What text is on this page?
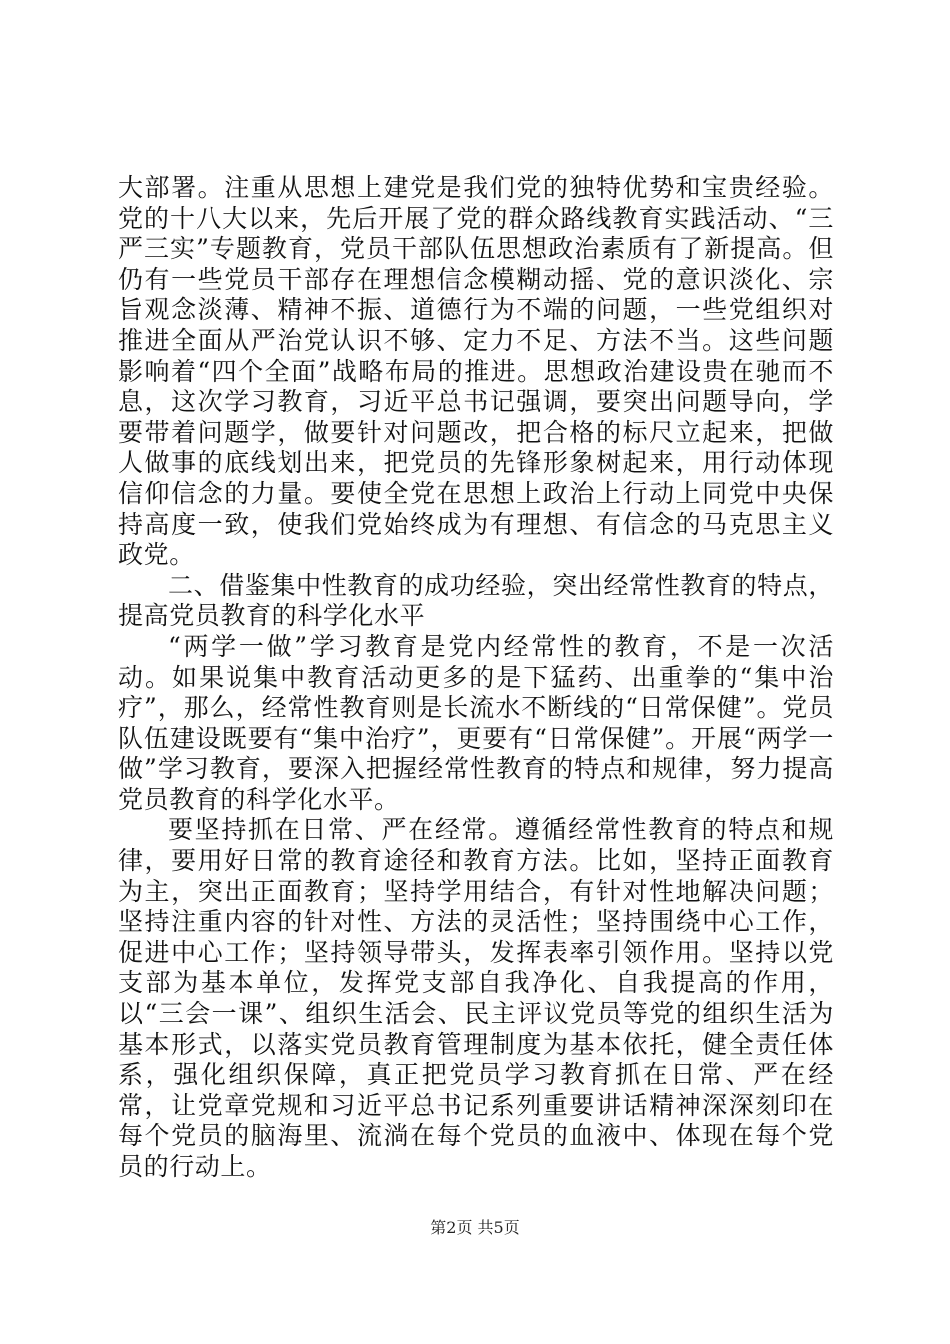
大部署。注重从思想上建党是我们党的独特优势和宝贵经验。党的十八大以来，先后开展了党的群众路线教育实践活动、“三严三实”专题教育，党员干部队伍思想政治素质有了新提高。但仍有一些党员干部存在理想信念模糊动摇、党的意识淡化、宗旨观念淡薄、精神不振、道德行为不端的问题，一些党组织对推进全面从严治党认识不够、定力不足、方法不当。这些问题影响着“四个全面”战略布局的推进。思想政治建设贵在驰而不息，这次学习教育，习近平总书记强调，要突出问题导向，学要带着问题学，做要针对问题改，把合格的标尺立起来，把做人做事的底线划出来，把党员的先锋形象树起来，用行动体现信仰信念的力量。要使全党在思想上政治上行动上同党中央保持高度一致，使我们党始终成为有理想、有信念的马克思主义政党。

二、借鉴集中性教育的成功经验，突出经常性教育的特点，提高党员教育的科学化水平

“两学一做”学习教育是党内经常性的教育，不是一次活动。如果说集中教育活动更多的是下猛药、出重拳的“集中治疗”，那么，经常性教育则是长流水不断线的“日常保健”。党员队伍建设既要有“集中治疗”，更要有“日常保健”。开展“两学一做”学习教育，要深入把握经常性教育的特点和规律，努力提高党员教育的科学化水平。

要坚持抓在日常、严在经常。遵循经常性教育的特点和规律，要用好日常的教育途径和教育方法。比如，坚持正面教育为主，突出正面教育；坚持学用结合，有针对性地解决问题；坚持注重内容的针对性、方法的灵活性；坚持围绕中心工作，促进中心工作；坚持领导带头，发挥表率引领作用。坚持以党支部为基本单位，发挥党支部自我净化、自我提高的作用，以“三会一课”、组织生活会、民主评议党员等党的组织生活为基本形式，以落实党员教育管理制度为基本依托，健全责任体系，强化组织保障，真正把党员学习教育抓在日常、严在经常，让党章党规和习近平总书记系列重要讲话精神深深刻印在每个党员的脑海里、流淌在每个党员的血液中、体现在每个党员的行动上。

第2页 共5页
